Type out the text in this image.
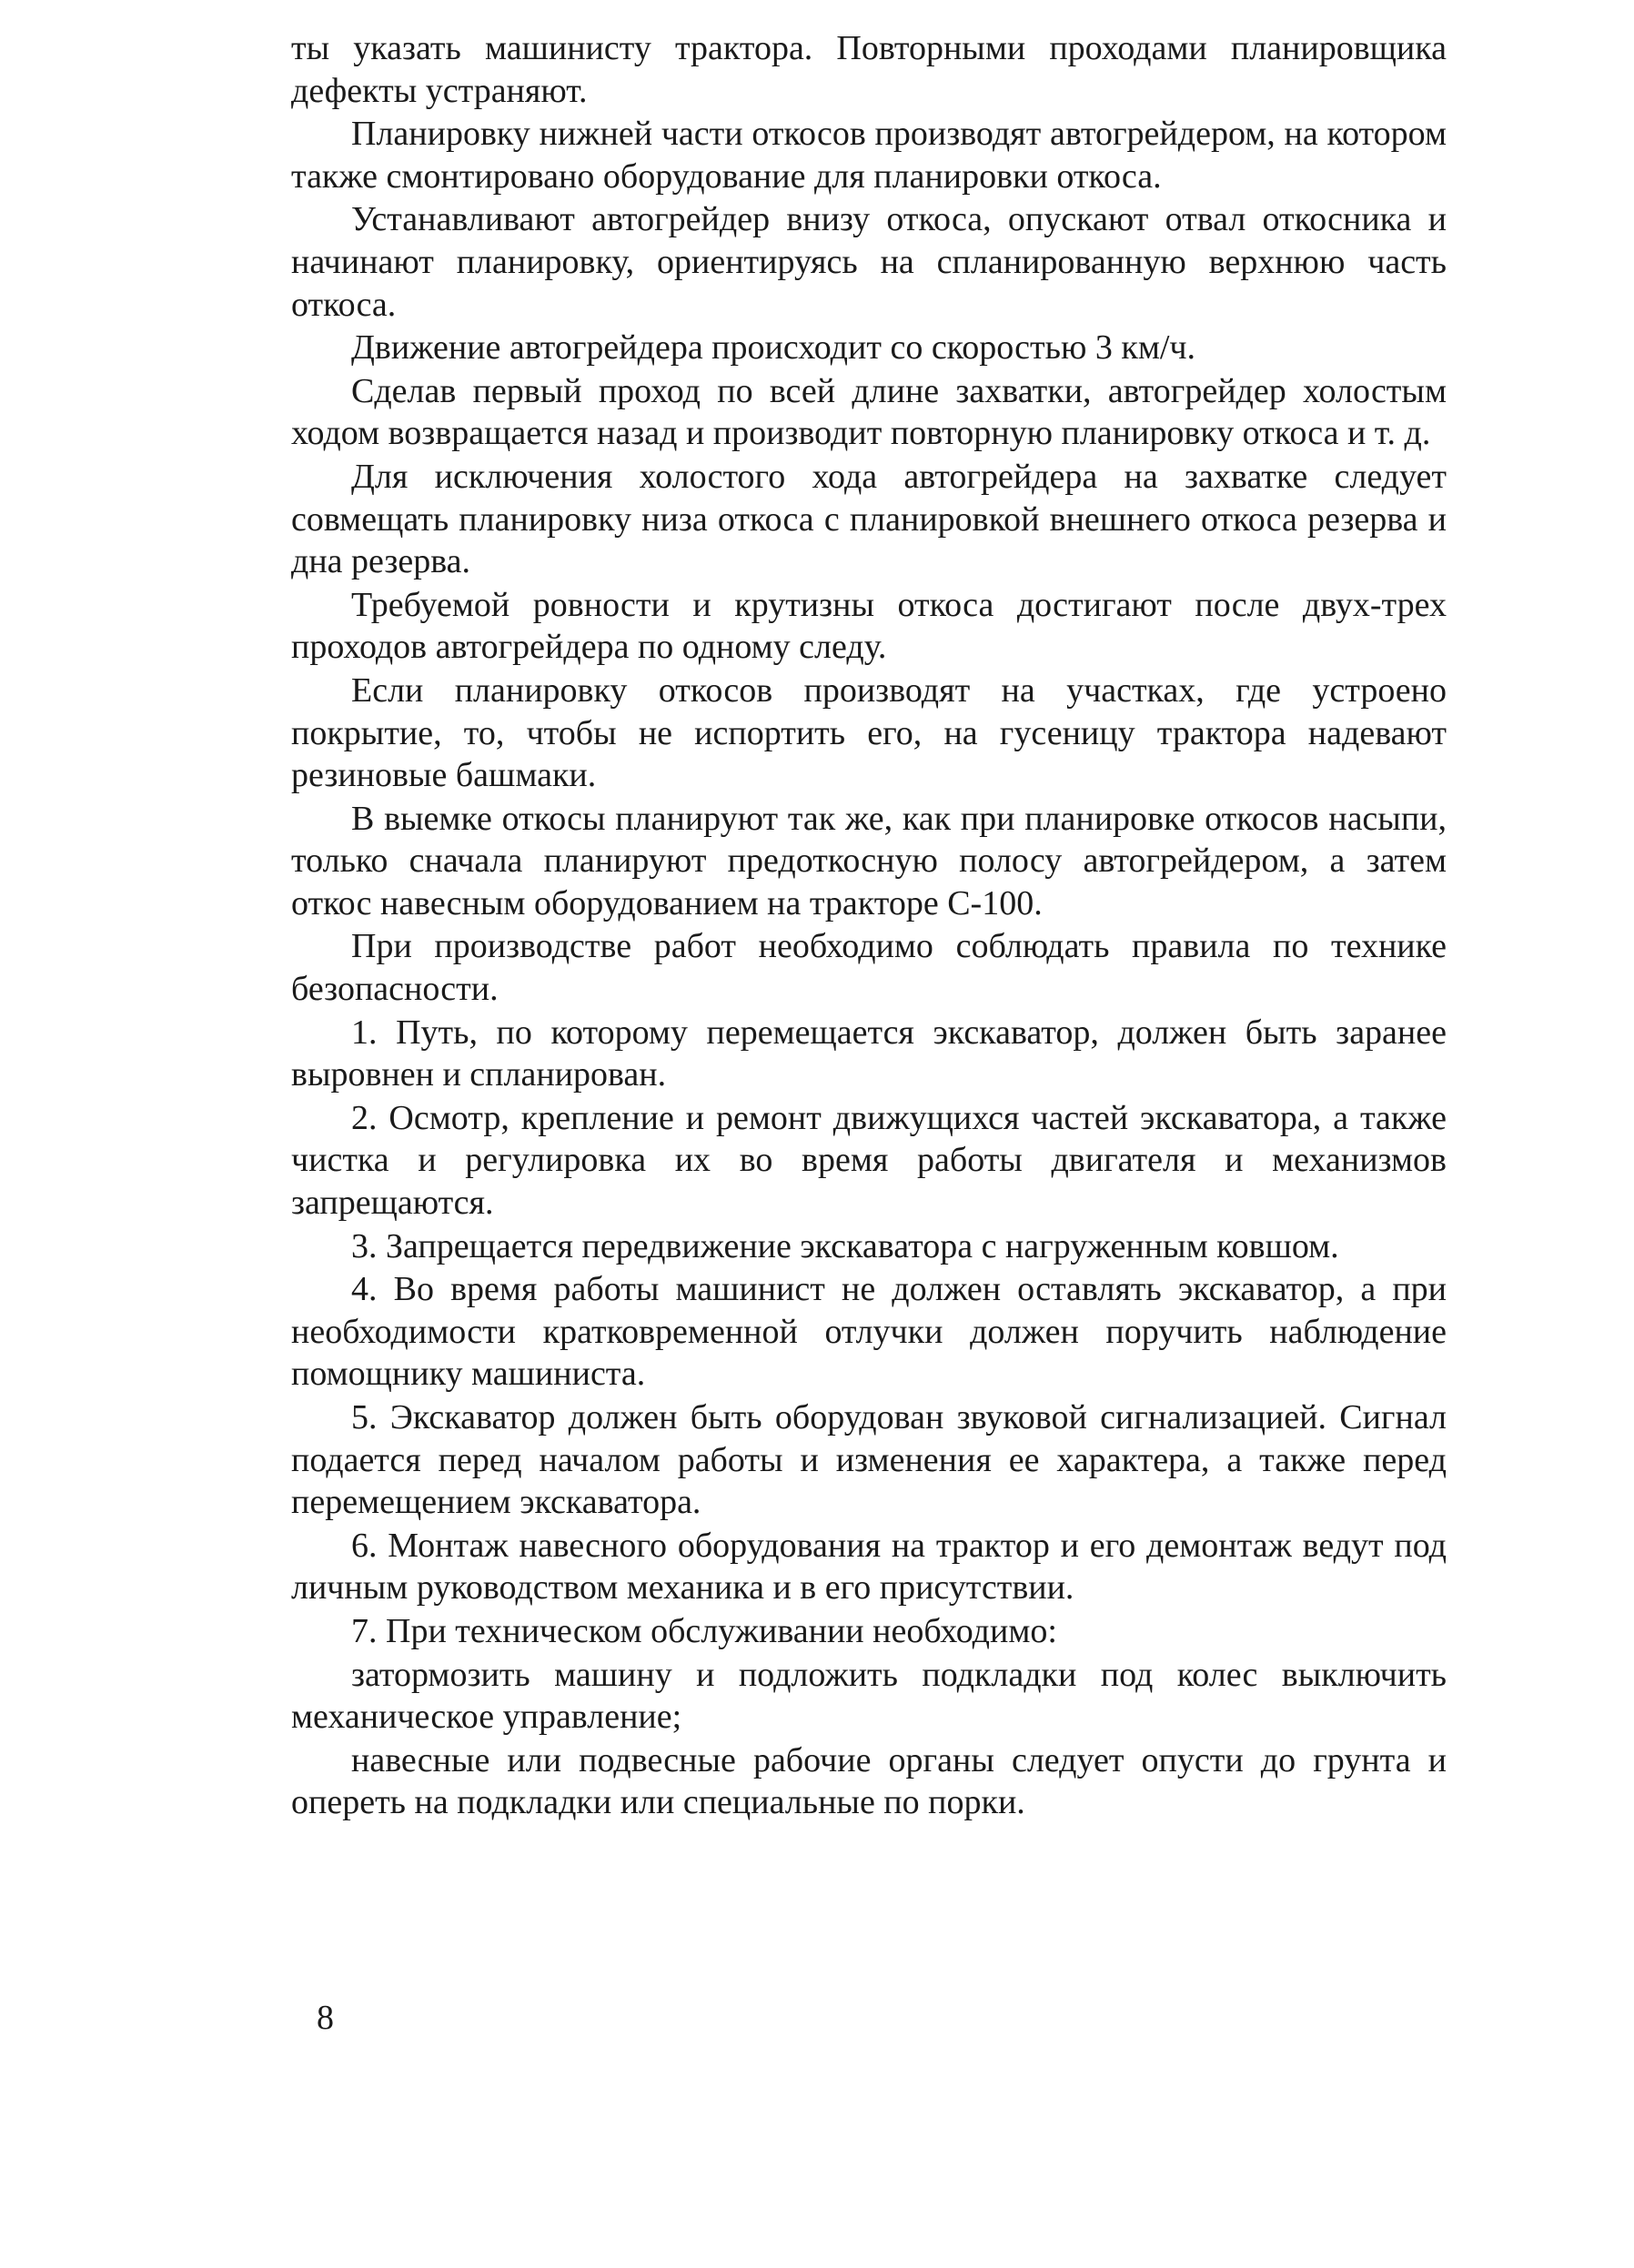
ты указать машинисту трактора. Повторными проходами планировщика дефекты устраняют.

Планировку нижней части откосов производят автогрейдером, на котором также смонтировано оборудование для планировки откоса.

Устанавливают автогрейдер внизу откоса, опускают отвал откосника и начинают планировку, ориентируясь на спланированную верхнюю часть откоса.

Движение автогрейдера происходит со скоростью 3 км/ч.

Сделав первый проход по всей длине захватки, автогрейдер холостым ходом возвращается назад и производит повторную планировку откоса и т. д.

Для исключения холостого хода автогрейдера на захватке следует совмещать планировку низа откоса с планировкой внешнего откоса резерва и дна резерва.

Требуемой ровности и крутизны откоса достигают после двух-трех проходов автогрейдера по одному следу.

Если планировку откосов производят на участках, где устроено покрытие, то, чтобы не испортить его, на гусеницу трактора надевают резиновые башмаки.

В выемке откосы планируют так же, как при планировке откосов насыпи, только сначала планируют предоткосную полосу автогрейдером, а затем откос навесным оборудованием на тракторе С-100.

При производстве работ необходимо соблюдать правила по технике безопасности.

1. Путь, по которому перемещается экскаватор, должен быть заранее выровнен и спланирован.

2. Осмотр, крепление и ремонт движущихся частей экскаватора, а также чистка и регулировка их во время работы двигателя и механизмов запрещаются.

3. Запрещается передвижение экскаватора с нагруженным ковшом.

4. Во время работы машинист не должен оставлять экскаватор, а при необходимости кратковременной отлучки должен поручить наблюдение помощнику машиниста.

5. Экскаватор должен быть оборудован звуковой сигнализацией. Сигнал подается перед началом работы и изменения ее характера, а также перед перемещением экскаватора.

6. Монтаж навесного оборудования на трактор и его демонтаж ведут под личным руководством механика и в его присутствии.

7. При техническом обслуживании необходимо:

затормозить машину и подложить подкладки под колес выключить механическое управление;

навесные или подвесные рабочие органы следует опусти до грунта и опереть на подкладки или специальные по порки.

8
